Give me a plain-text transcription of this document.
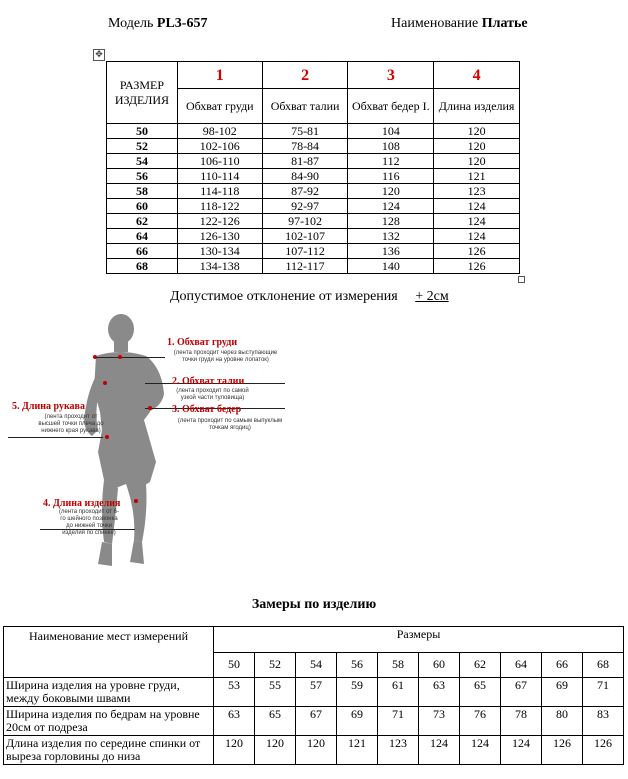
Модель PL3-657	Наименование Платье
✥
РАЗМЕР ИЗДЕЛИЯ	1	2	3	4
	Обхват груди	Обхват талии	Обхват бедер I.	Длина изделия
50	98-102	75-81	104	120
52	102-106	78-84	108	120
54	106-110	81-87	112	120
56	110-114	84-90	116	121
58	114-118	87-92	120	123
60	118-122	92-97	124	124
62	122-126	97-102	128	124
64	126-130	102-107	132	124
66	130-134	107-112	136	126
68	134-138	112-117	140	126
Допустимое отклонение от измерения + 2см
1. Обхват груди
(лента проходит через выступающие точки груди на уровне лопаток)
2. Обхват талии
(лента проходит по самой узкой части туловища)
3. Обхват бедер
(лента проходит по самым выпуклым точкам ягодиц)
4. Длина изделия
(лента проходит от 6-го шейного позвонка до нижней точки изделия по спинке)
5. Длина рукава
(лента проходит от высшей точки плеча до нижнего края рукава)
Замеры по изделию
Наименование мест измерений	Размеры									
	50	52	54	56	58	60	62	64	66	68
Ширина изделия на уровне груди, между боковыми швами	53	55	57	59	61	63	65	67	69	71
Ширина изделия по бедрам на уровне 20см от подреза	63	65	67	69	71	73	76	78	80	83
Длина изделия по середине спинки от выреза горловины до низа	120	120	120	121	123	124	124	124	126	126
